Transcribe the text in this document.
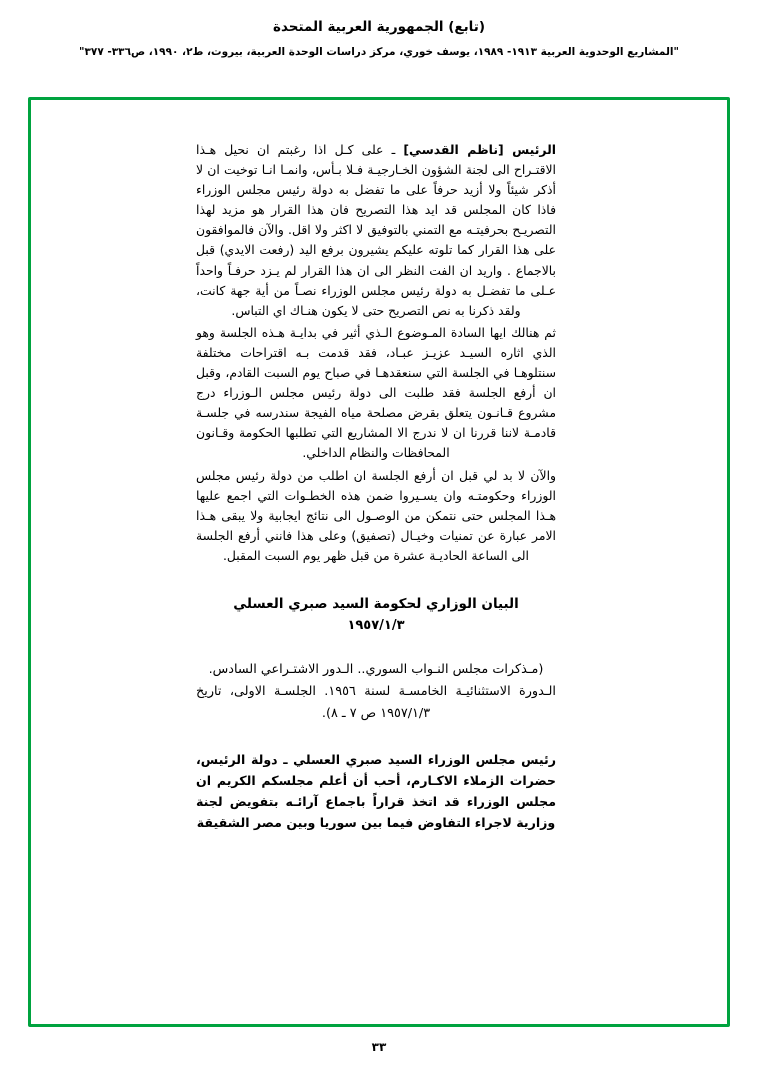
(تابع) الجمهورية العربية المتحدة
"المشاريع الوحدوية العربية ١٩١٣- ١٩٨٩، يوسف خوري، مركز دراسات الوحدة العربية، بيروت، ط٢، ١٩٩٠، ص٣٣٦- ٣٧٧"

الرئيس [ناظم القدسي] ـ على كـل اذا رغبتم ان نحيل هـذا الاقتـراح الى لجنة الشؤون الخـارجيـة فـلا بـأس، وانمـا انـا توخيت ان لا أذكر شيئاً ولا أزيد حرفاً على ما تفضل به دولة رئيس مجلس الوزراء فاذا كان المجلس قد ايد هذا التصريح فان هذا القرار هو مزيد لهذا التصريـح بحرفيتـه مع التمني بالتوفيق لا اكثر ولا اقل. والآن فالموافقون على هذا القرار كما تلوته عليكم يشيرون برفع اليد (رفعت الايدي) قبل بالاجماع . واريد ان الفت النظر الى ان هذا القرار لم يـزد حرفـاً واحداً عـلى ما تفضـل به دولة رئيس مجلس الوزراء نصـاً من أية جهة كانت، ولقد ذكرنا به نص التصريح حتى لا يكون هنـاك اي التباس.

ثم هنالك ايها السادة المـوضوع الـذي أثير في بدايـة هـذه الجلسة وهو الذي اثاره السيـد عزيـز عبـاد، فقد قدمت بـه اقتراحات مختلفة سنتلوهـا في الجلسة التي سنعقدهـا في صباح يوم السبت القادم، وقبل ان أرفع الجلسة فقد طلبت الى دولة رئيس مجلس الـوزراء درج مشروع قـانـون يتعلق بقرض مصلحة مياه الفيجة سندرسه في جلسـة قادمـة لاننا قررنا ان لا ندرج الا المشاريع التي تطلبها الحكومة وقـانون المحافظات والنظام الداخلي.

والآن لا بد لي قبل ان أرفع الجلسة ان اطلب من دولة رئيس مجلس الوزراء وحكومتـه وان يسـيروا ضمن هذه الخطـوات التي اجمع عليها هـذا المجلس حتى نتمكن من الوصـول الى نتائج ايجابية ولا يبقى هـذا الامر عبارة عن تمنيات وخيـال (تصفيق) وعلى هذا فانني أرفع الجلسة الى الساعة الحاديـة عشرة من قبل ظهر يوم السبت المقبل.

البيان الوزاري لحكومة السيد صبري العسلي
١٩٥٧/١/٣
(مـذكرات مجلس النـواب السوري.. الـدور الاشتـراعي السادس.
الـدورة الاستثنائيـة الخامسـة لسنة ١٩٥٦. الجلسـة الاولى، تاريخ ١٩٥٧/١/٣ ص ٧ ـ ٨).

رئيس مجلس الوزراء السيد صبري العسلي ـ دولة الرئيس، حضرات الزملاء الاكـارم، أحب أن أعلم مجلسكم الكريم ان مجلس الوزراء قد اتخذ قراراً باجماع آرائـه بتفويض لجنة وزارية لاجراء التفاوض فيما بين سوريا وبين مصر الشقيقة

٣٣
